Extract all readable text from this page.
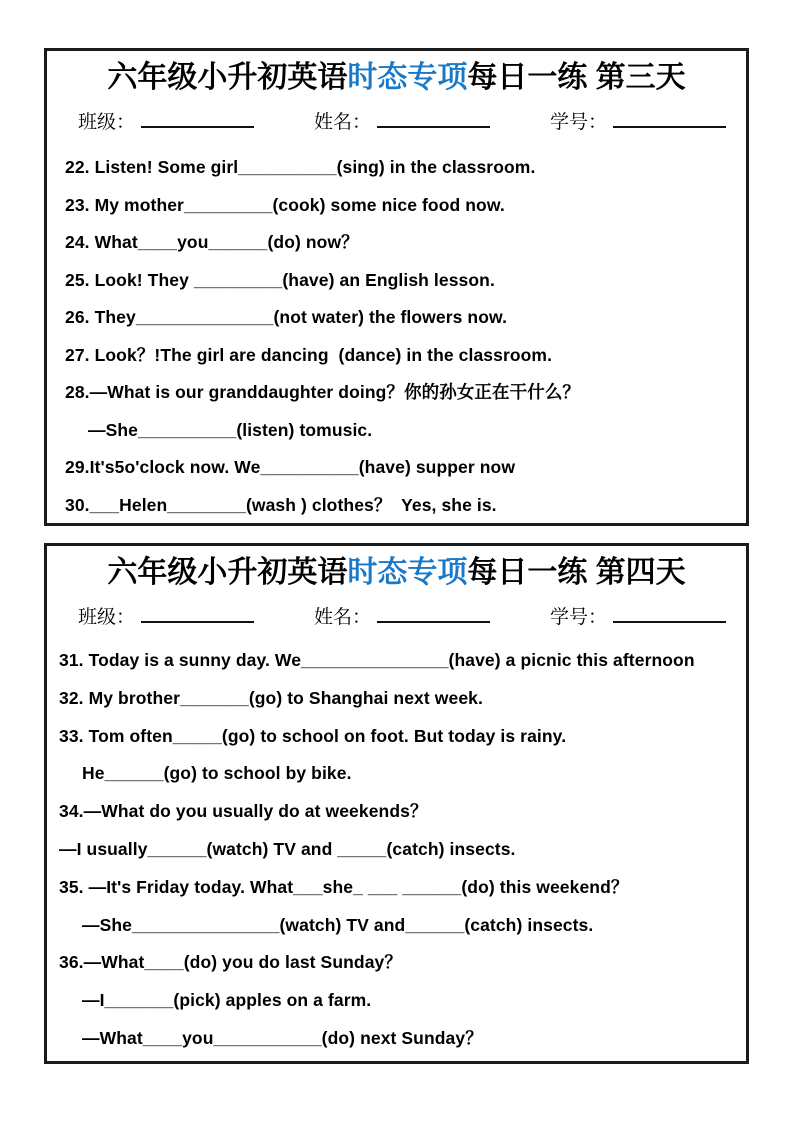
六年级小升初英语时态专项每日一练 第三天
班级：	姓名：	学号：
22. Listen! Some girl__________(sing) in the classroom.
23. My mother_________(cook) some nice food now.
24. What____you______(do) now？
25. Look! They _________(have) an English lesson.
26. They______________(not water) the flowers now.
27. Look？!The girl are dancing  (dance) in the classroom.
28.—What is our granddaughter doing？你的孙女正在干什么？
—She__________(listen) tomusic.
29.It's5o'clock now. We__________(have) supper now
30.___Helen________(wash ) clothes？  Yes, she is.
六年级小升初英语时态专项每日一练 第四天
班级：	姓名：	学号：
31. Today is a sunny day. We_______________(have) a picnic this afternoon
32. My brother_______(go) to Shanghai next week.
33. Tom often_____(go) to school on foot. But today is rainy.
He______(go) to school by bike.
34.—What do you usually do at weekends？
—I usually______(watch) TV and _____(catch) insects.
35. —It's Friday today. What___she_ ___ ______(do) this weekend？
—She_______________(watch) TV and______(catch) insects.
36.—What____(do) you do last Sunday？
—I_______(pick) apples on a farm.
—What____you___________(do) next Sunday？
